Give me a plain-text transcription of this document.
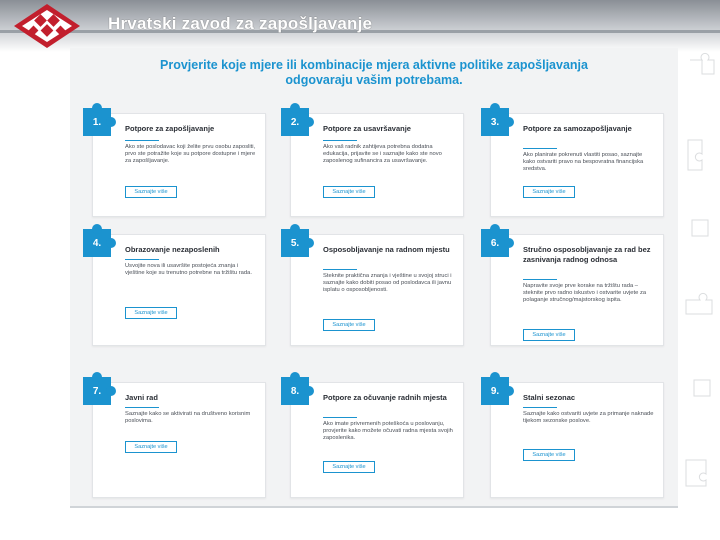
Hrvatski zavod za zapošljavanje
Provjerite koje mjere ili kombinacije mjera aktivne politike zapošljavanja
odgovaraju vašim potrebama.
1.
Potpore za zapošljavanje
Ako ste poslodavac koji želite prvu osobu zaposliti, prvo ste potražite koje su potpore dostupne i mjere za zapošljavanje.
Saznajte više
2.
Potpore za usavršavanje
Ako vaš radnik zahtijeva potrebna dodatna edukacija, prijavite se i saznajte kako ste novo zaposlenog sufinancira za usavršavanje.
Saznajte više
3.
Potpore za samozapošljavanje
Ako planirate pokrenuti vlastiti posao, saznajte kako ostvariti pravo na bespovratna financijska sredstva.
Saznajte više
4.
Obrazovanje nezaposlenih
Usvojite nova ili usavršite postojeća znanja i vještine koje su trenutno potrebne na tržištu rada.
Saznajte više
5.
Osposobljavanje na radnom mjestu
Steknite praktična znanja i vještine u svojoj struci i saznajte kako dobiti posao od poslodavca ili javnu isplatu o osposobljenosti.
Saznajte više
6.
Stručno osposobljavanje za rad bez zasnivanja radnog odnosa
Napravite svoje prve korake na tržištu rada – steknite prvo radno iskustvo i ostvarite uvjete za polaganje stručnog/majstorskog ispita.
Saznajte više
7.
Javni rad
Saznajte kako se aktivirati na društveno korisnim poslovima.
Saznajte više
8.
Potpore za očuvanje radnih mjesta
Ako imate privremenih poteškoća u poslovanju, provjerite kako možete očuvati radna mjesta svojih zaposlenika.
Saznajte više
9.
Stalni sezonac
Saznajte kako ostvariti uvjete za primanje naknade tijekom sezonske poslove.
Saznajte više
